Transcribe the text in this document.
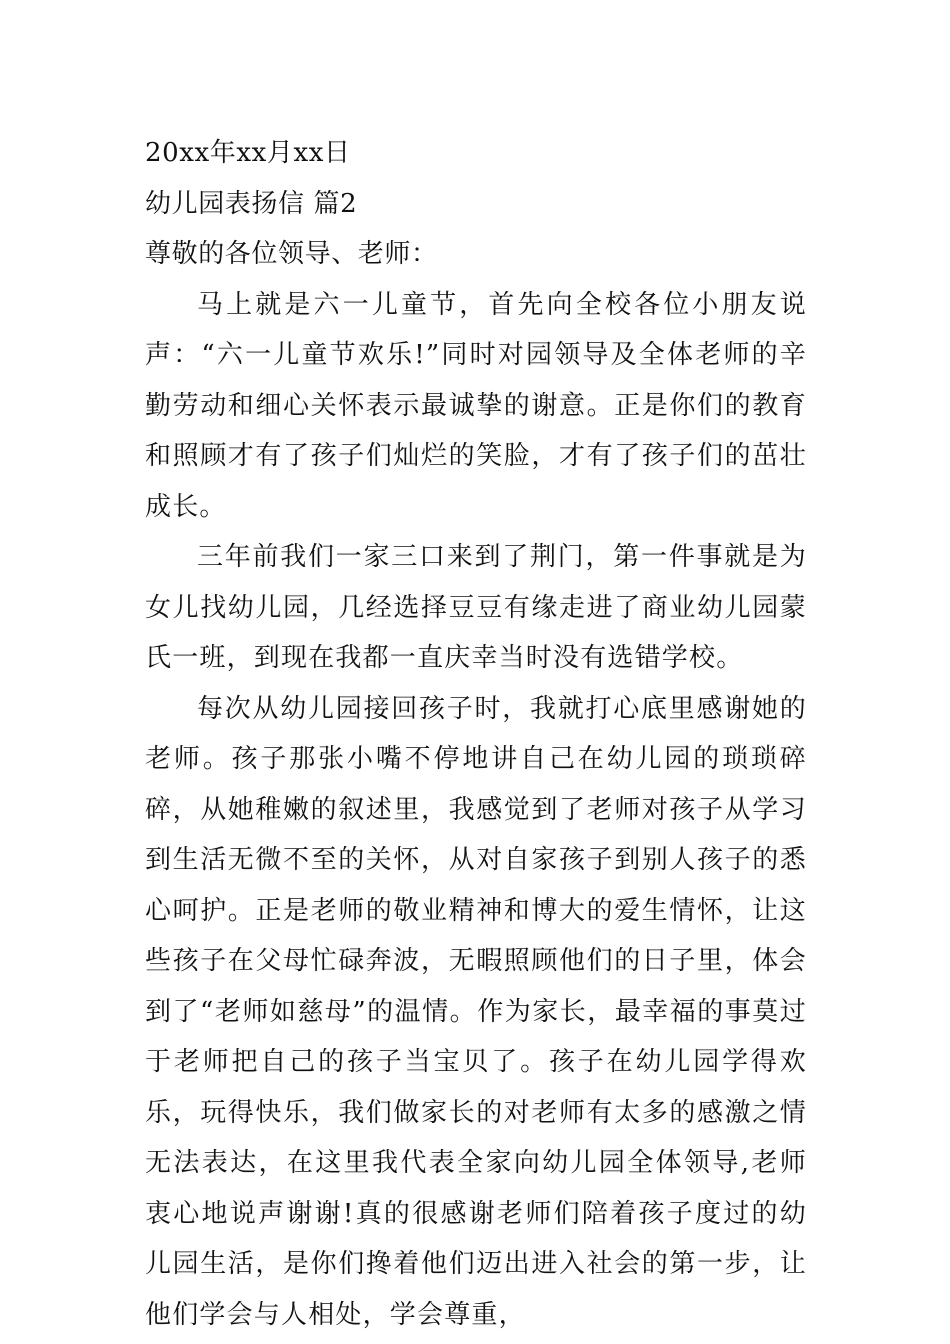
20xx年xx月xx日
幼儿园表扬信 篇2
尊敬的各位领导、老师：

马上就是六一儿童节，首先向全校各位小朋友说声：“六一儿童节欢乐!”同时对园领导及全体老师的辛勤劳动和细心关怀表示最诚挚的谢意。正是你们的教育和照顾才有了孩子们灿烂的笑脸，才有了孩子们的茁壮成长。

三年前我们一家三口来到了荆门，第一件事就是为女儿找幼儿园，几经选择豆豆有缘走进了商业幼儿园蒙氏一班，到现在我都一直庆幸当时没有选错学校。

每次从幼儿园接回孩子时，我就打心底里感谢她的老师。孩子那张小嘴不停地讲自己在幼儿园的琐琐碎碎，从她稚嫩的叙述里，我感觉到了老师对孩子从学习到生活无微不至的关怀，从对自家孩子到别人孩子的悉心呵护。正是老师的敬业精神和博大的爱生情怀，让这些孩子在父母忙碌奔波，无暇照顾他们的日子里，体会到了“老师如慈母”的温情。作为家长，最幸福的事莫过于老师把自己的孩子当宝贝了。孩子在幼儿园学得欢乐，玩得快乐，我们做家长的对老师有太多的感激之情无法表达，在这里我代表全家向幼儿园全体领导,老师衷心地说声谢谢!真的很感谢老师们陪着孩子度过的幼儿园生活，是你们搀着他们迈出进入社会的第一步，让他们学会与人相处，学会尊重，
